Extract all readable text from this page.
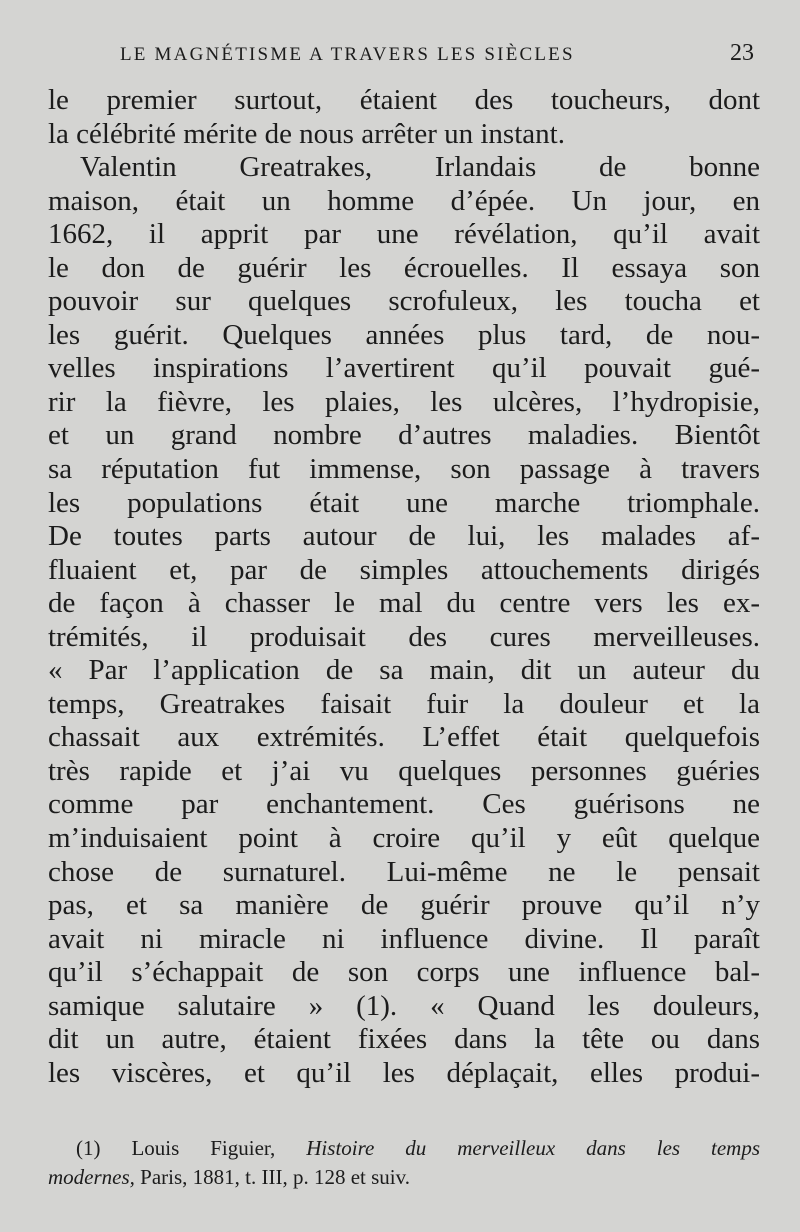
LE MAGNÉTISME A TRAVERS LES SIÈCLES	23
le premier surtout, étaient des toucheurs, dont
la célébrité mérite de nous arrêter un instant.
Valentin Greatrakes, Irlandais de bonne
maison, était un homme d’épée. Un jour, en
1662, il apprit par une révélation, qu’il avait
le don de guérir les écrouelles. Il essaya son
pouvoir sur quelques scrofuleux, les toucha et
les guérit. Quelques années plus tard, de nou-
velles inspirations l’avertirent qu’il pouvait gué-
rir la fièvre, les plaies, les ulcères, l’hydropisie,
et un grand nombre d’autres maladies. Bientôt
sa réputation fut immense, son passage à travers
les populations était une marche triomphale.
De toutes parts autour de lui, les malades af-
fluaient et, par de simples attouchements dirigés
de façon à chasser le mal du centre vers les ex-
trémités, il produisait des cures merveilleuses.
« Par l’application de sa main, dit un auteur du
temps, Greatrakes faisait fuir la douleur et la
chassait aux extrémités. L’effet était quelquefois
très rapide et j’ai vu quelques personnes guéries
comme par enchantement. Ces guérisons ne
m’induisaient point à croire qu’il y eût quelque
chose de surnaturel. Lui-même ne le pensait
pas, et sa manière de guérir prouve qu’il n’y
avait ni miracle ni influence divine. Il paraît
qu’il s’échappait de son corps une influence bal-
samique salutaire » (1). « Quand les douleurs,
dit un autre, étaient fixées dans la tête ou dans
les viscères, et qu’il les déplaçait, elles produi-
(1) Louis Figuier, Histoire du merveilleux dans les temps
modernes, Paris, 1881, t. III, p. 128 et suiv.
